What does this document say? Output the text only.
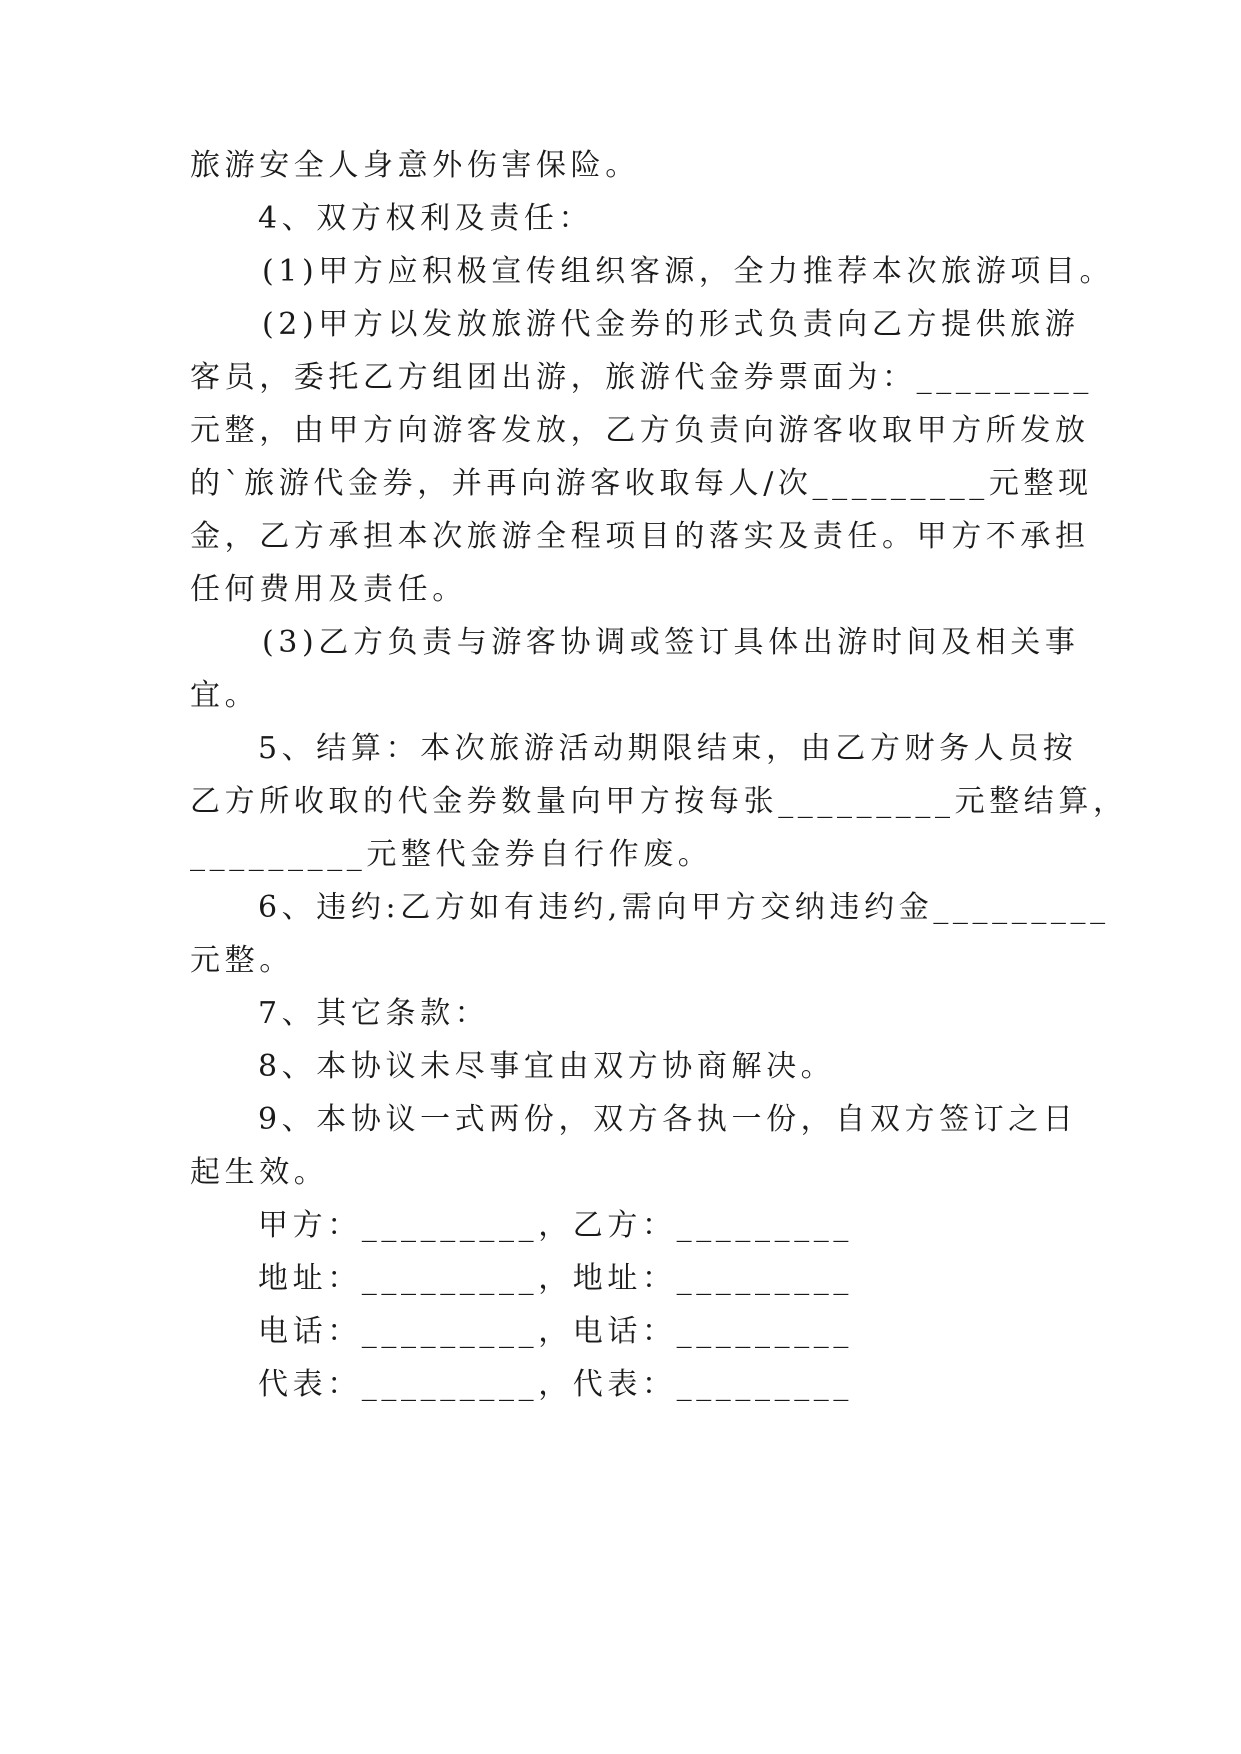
旅游安全人身意外伤害保险。
4、双方权利及责任：
(1)甲方应积极宣传组织客源，全力推荐本次旅游项目。
(2)甲方以发放旅游代金券的形式负责向乙方提供旅游
客员，委托乙方组团出游，旅游代金券票面为：_________
元整，由甲方向游客发放，乙方负责向游客收取甲方所发放
的`旅游代金券，并再向游客收取每人/次_________元整现
金，乙方承担本次旅游全程项目的落实及责任。甲方不承担
任何费用及责任。
(3)乙方负责与游客协调或签订具体出游时间及相关事
宜。
5、结算：本次旅游活动期限结束，由乙方财务人员按
乙方所收取的代金券数量向甲方按每张_________元整结算，
_________元整代金券自行作废。
6、违约:乙方如有违约,需向甲方交纳违约金_________
元整。
7、其它条款：
8、本协议未尽事宜由双方协商解决。
9、本协议一式两份，双方各执一份，自双方签订之日
起生效。
甲方：_________，乙方：_________
地址：_________，地址：_________
电话：_________，电话：_________
代表：_________，代表：_________
